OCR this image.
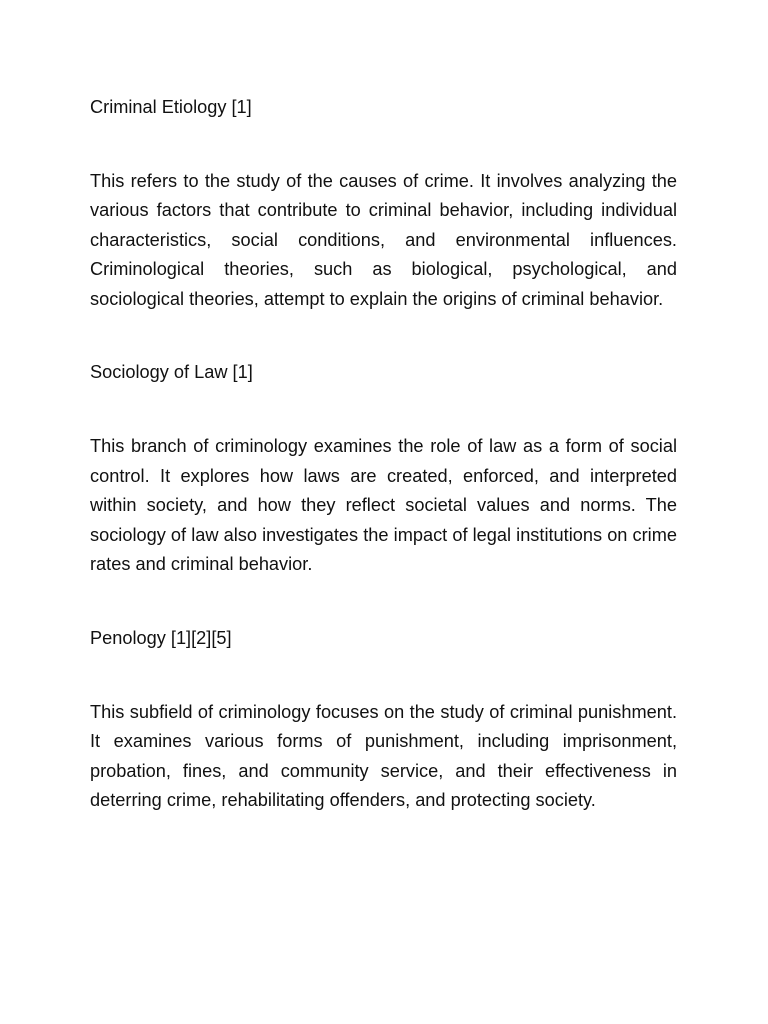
Criminal Etiology [1]
This refers to the study of the causes of crime. It involves analyzing the various factors that contribute to criminal behavior, including individual characteristics, social conditions, and environmental influences. Criminological theories, such as biological, psychological, and sociological theories, attempt to explain the origins of criminal behavior.
Sociology of Law [1]
This branch of criminology examines the role of law as a form of social control. It explores how laws are created, enforced, and interpreted within society, and how they reflect societal values and norms. The sociology of law also investigates the impact of legal institutions on crime rates and criminal behavior.
Penology [1][2][5]
This subfield of criminology focuses on the study of criminal punishment. It examines various forms of punishment, including imprisonment, probation, fines, and community service, and their effectiveness in deterring crime, rehabilitating offenders, and protecting society.
